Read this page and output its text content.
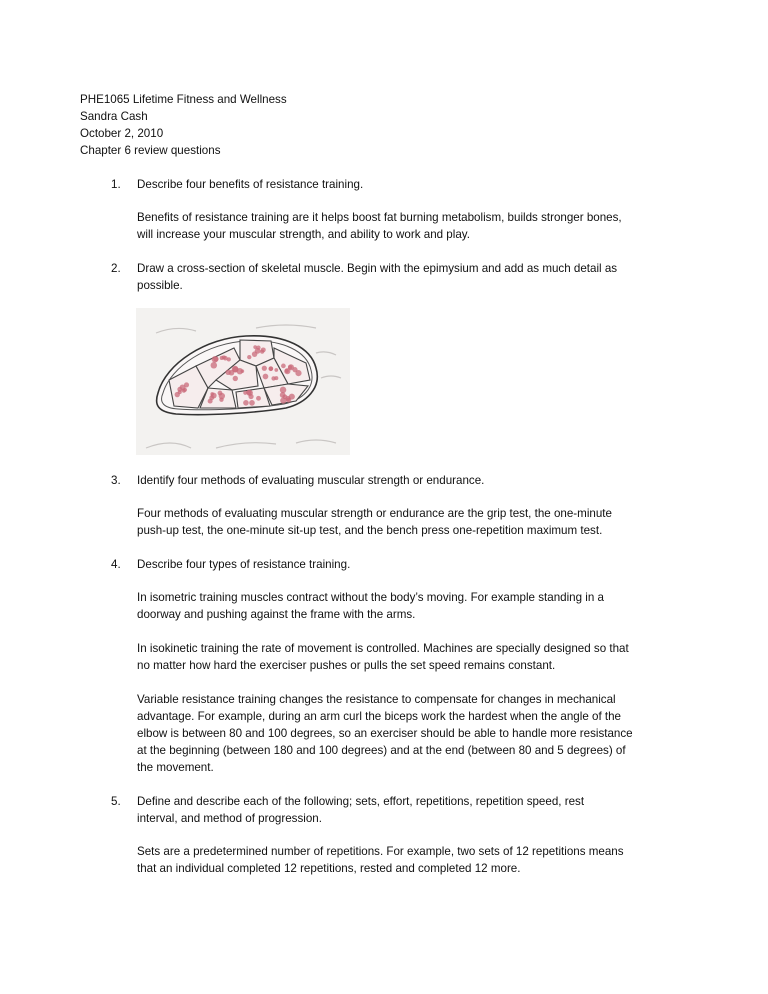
PHE1065 Lifetime Fitness and Wellness
Sandra Cash
October 2, 2010
Chapter 6 review questions
1. Describe four benefits of resistance training.
Benefits of resistance training are it helps boost fat burning metabolism, builds stronger bones,
will increase your muscular strength, and ability to work and play.
2. Draw a cross-section of skeletal muscle. Begin with the epimysium and add as much detail as
possible.
3. Identify four methods of evaluating muscular strength or endurance.
Four methods of evaluating muscular strength or endurance are the grip test, the one-minute
push-up test, the one-minute sit-up test, and the bench press one-repetition maximum test.
4. Describe four types of resistance training.
In isometric training muscles contract without the body’s moving. For example standing in a
doorway and pushing against the frame with the arms.
In isokinetic training the rate of movement is controlled. Machines are specially designed so that
no matter how hard the exerciser pushes or pulls the set speed remains constant.
Variable resistance training changes the resistance to compensate for changes in mechanical
advantage. For example, during an arm curl the biceps work the hardest when the angle of the
elbow is between 80 and 100 degrees, so an exerciser should be able to handle more resistance
at the beginning (between 180 and 100 degrees) and at the end (between 80 and 5 degrees) of
the movement.
5. Define and describe each of the following; sets, effort, repetitions, repetition speed, rest
interval, and method of progression.
Sets are a predetermined number of repetitions. For example, two sets of 12 repetitions means
that an individual completed 12 repetitions, rested and completed 12 more.
